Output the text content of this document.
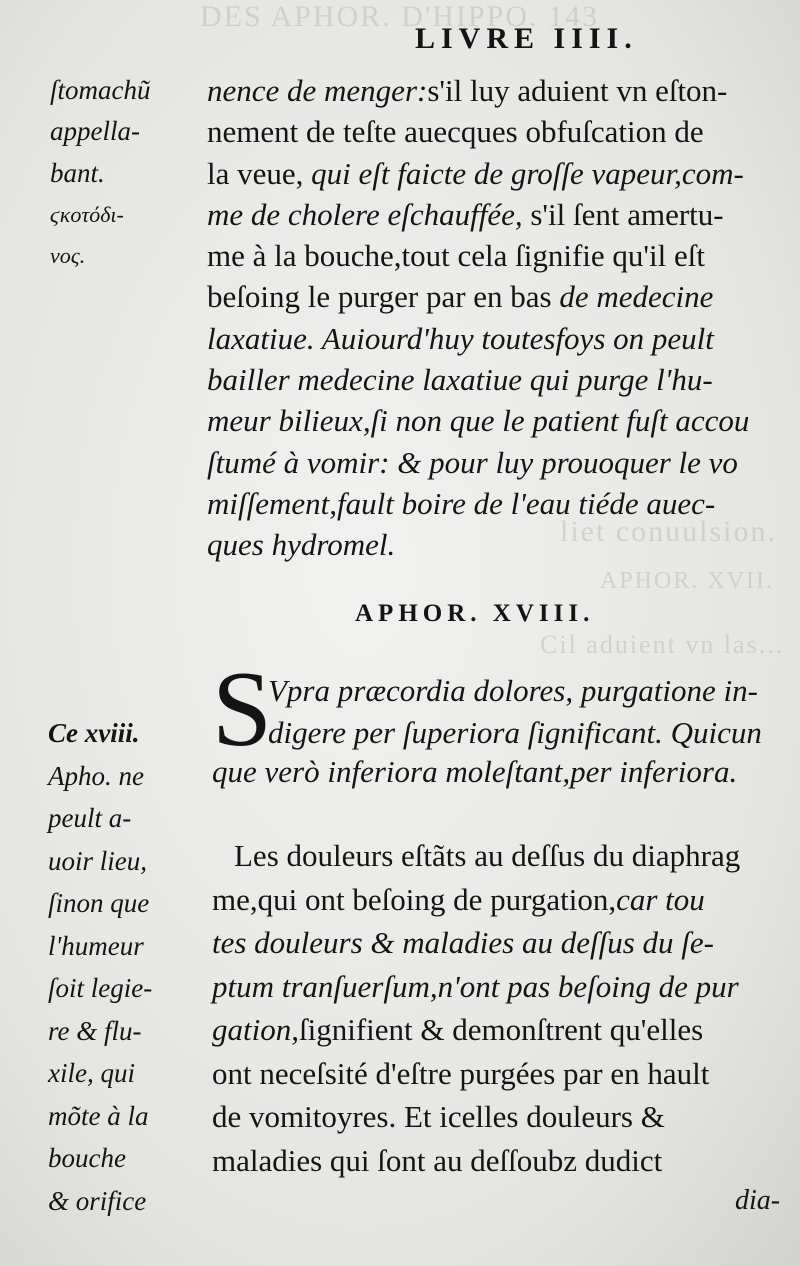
DES APHOR. D'HIPPO. 143
liet conuulsion.
APHOR. XVII.
Cil aduient vn las...
LIVRE IIII.
ſtomachũ
appella-
bant.
ϛκοτόδι-
νος.
nence de menger:s'il luy aduient vn eſton-
nement de teſte auecques obfuſcation de
la veue, qui eſt faicte de groſſe vapeur,com-
me de cholere eſchauffée, s'il ſent amertu-
me à la bouche,tout cela ſignifie qu'il eſt
beſoing le purger par en bas de medecine
laxatiue. Auiourd'huy toutesfoys on peult
bailler medecine laxatiue qui purge l'hu-
meur bilieux,ſi non que le patient fuſt accou
ſtumé à vomir: & pour luy prouoquer le vo
miſſement,fault boire de l'eau tiéde auec-
ques hydromel.
APHOR. XVIII.
S
Vpra præcordia dolores, purgatione in-
digere per ſuperiora ſignificant. Quicun
que verò inferiora moleſtant,per inferiora.
Ce xviii.
Apho. ne
peult a-
uoir lieu,
ſinon que
l'humeur
ſoit legie-
re & flu-
xile, qui
mõte à la
bouche
& orifice
Les douleurs eſtãts au deſſus du diaphrag
me,qui ont beſoing de purgation,car tou
tes douleurs & maladies au deſſus du ſe-
ptum tranſuerſum,n'ont pas beſoing de pur
gation,ſignifient & demonſtrent qu'elles
ont neceſsité d'eſtre purgées par en hault
de vomitoyres. Et icelles douleurs &
maladies qui ſont au deſſoubz dudict
dia-
